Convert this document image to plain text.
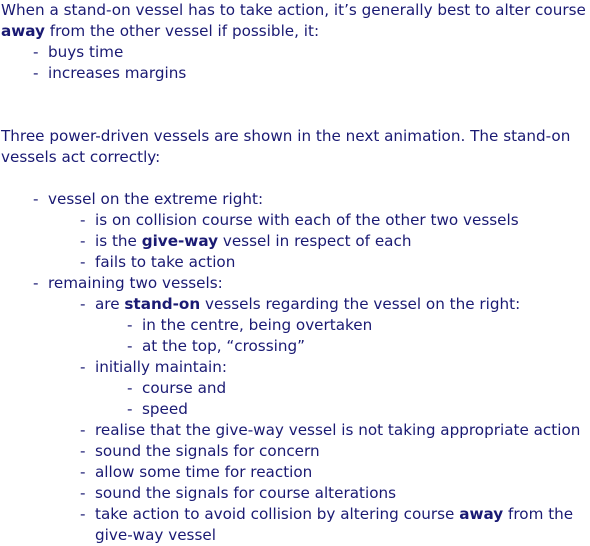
When a stand-on vessel has to take action, it’s generally best to alter course away from the other vessel if possible, it:

- buys time
- increases margins

Three power-driven vessels are shown in the next animation. The stand-on vessels act correctly:

- vessel on the extreme right:
- is on collision course with each of the other two vessels
- is the give-way vessel in respect of each
- fails to take action
- remaining two vessels:
- are stand-on vessels regarding the vessel on the right:
- in the centre, being overtaken
- at the top, “crossing”
- initially maintain:
- course and
- speed
- realise that the give-way vessel is not taking appropriate action
- sound the signals for concern
- allow some time for reaction
- sound the signals for course alterations
- take action to avoid collision by altering course away from the give-way vessel
